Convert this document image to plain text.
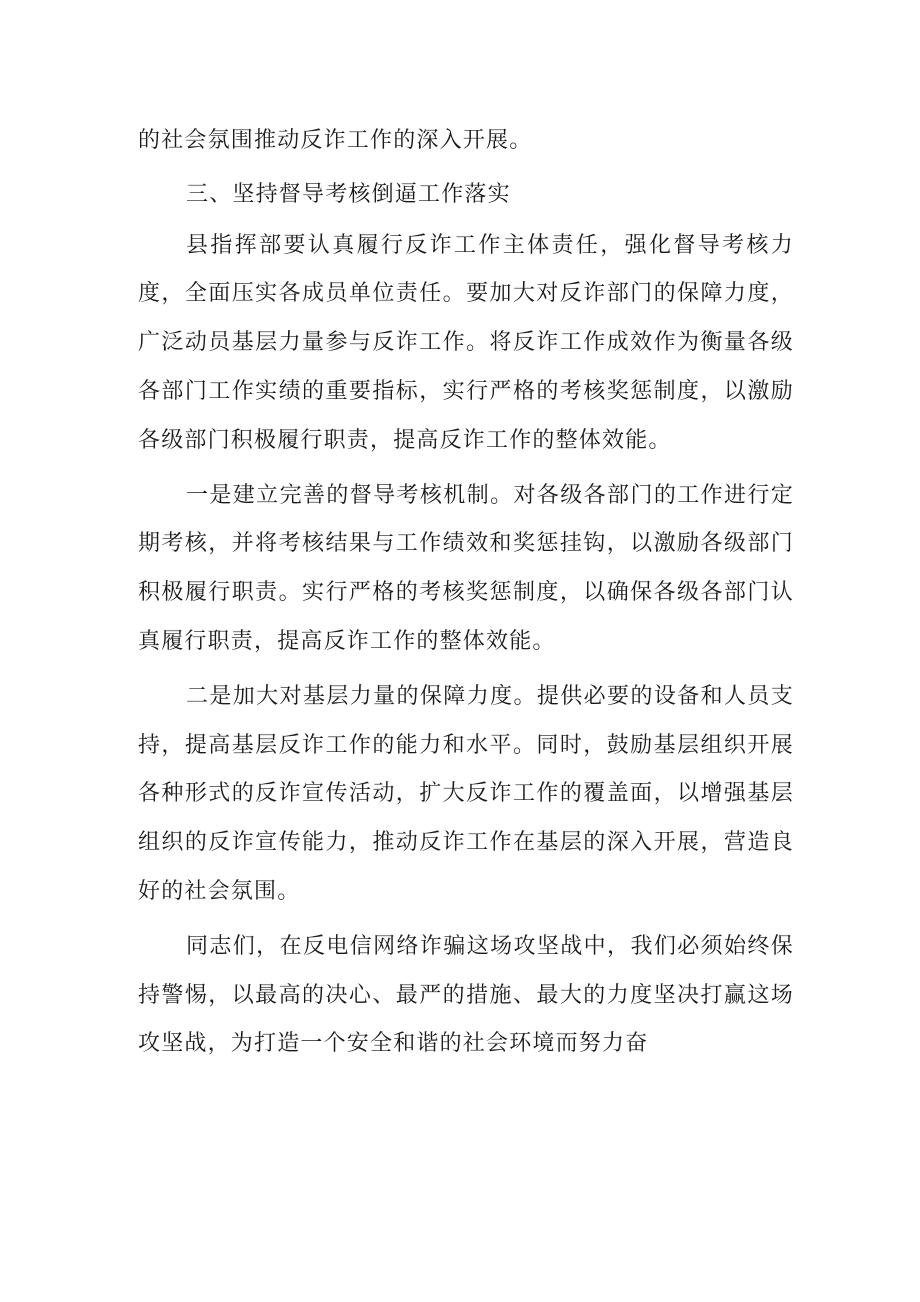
的社会氛围推动反诈工作的深入开展。

三、坚持督导考核倒逼工作落实

县指挥部要认真履行反诈工作主体责任，强化督导考核力度，全面压实各成员单位责任。要加大对反诈部门的保障力度，广泛动员基层力量参与反诈工作。将反诈工作成效作为衡量各级各部门工作实绩的重要指标，实行严格的考核奖惩制度，以激励各级部门积极履行职责，提高反诈工作的整体效能。

一是建立完善的督导考核机制。对各级各部门的工作进行定期考核，并将考核结果与工作绩效和奖惩挂钩，以激励各级部门积极履行职责。实行严格的考核奖惩制度，以确保各级各部门认真履行职责，提高反诈工作的整体效能。

二是加大对基层力量的保障力度。提供必要的设备和人员支持，提高基层反诈工作的能力和水平。同时，鼓励基层组织开展各种形式的反诈宣传活动，扩大反诈工作的覆盖面，以增强基层组织的反诈宣传能力，推动反诈工作在基层的深入开展，营造良好的社会氛围。

同志们，在反电信网络诈骗这场攻坚战中，我们必须始终保持警惕，以最高的决心、最严的措施、最大的力度坚决打赢这场攻坚战，为打造一个安全和谐的社会环境而努力奋
